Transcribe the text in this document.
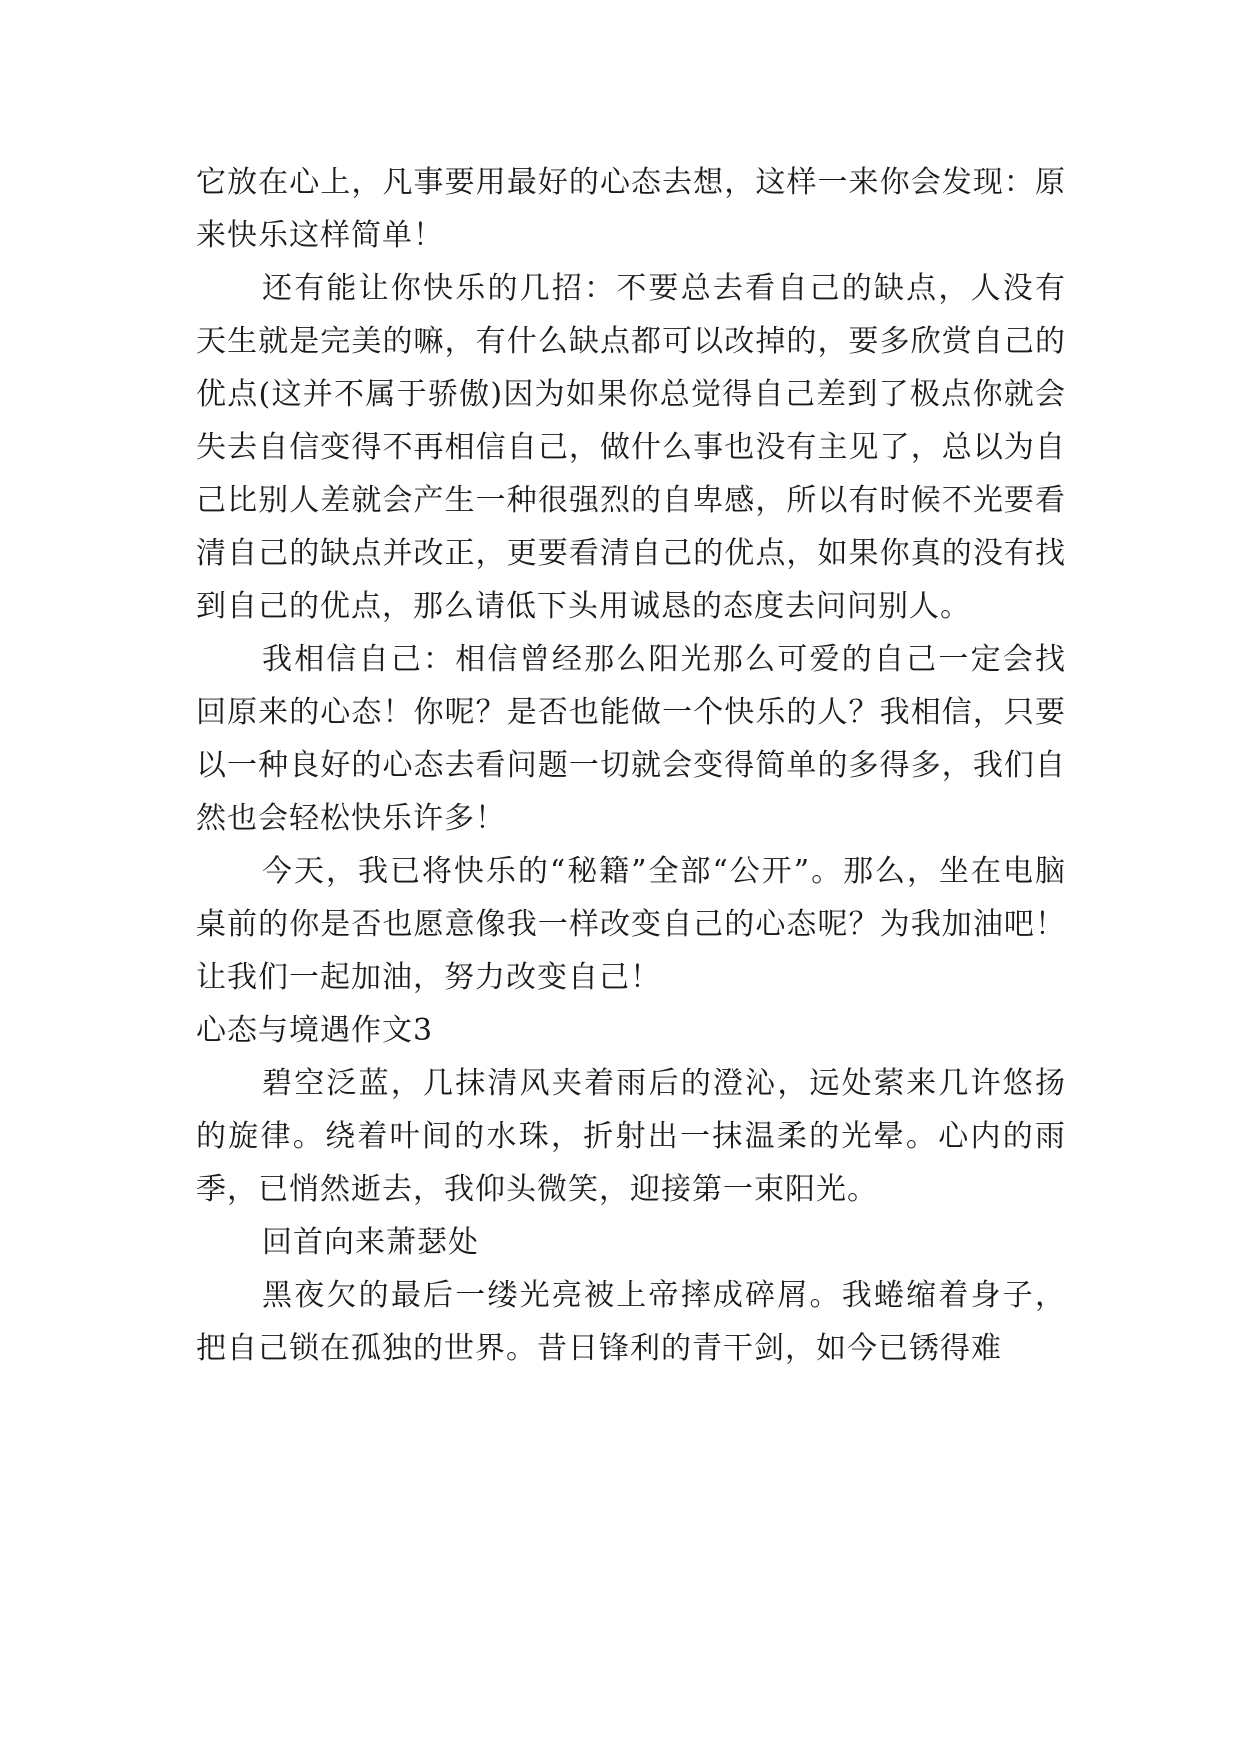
它放在心上，凡事要用最好的心态去想，这样一来你会发现：原来快乐这样简单！

还有能让你快乐的几招：不要总去看自己的缺点，人没有天生就是完美的嘛，有什么缺点都可以改掉的，要多欣赏自己的优点(这并不属于骄傲)因为如果你总觉得自己差到了极点你就会失去自信变得不再相信自己，做什么事也没有主见了，总以为自己比别人差就会产生一种很强烈的自卑感，所以有时候不光要看清自己的缺点并改正，更要看清自己的优点，如果你真的没有找到自己的优点，那么请低下头用诚恳的态度去问问别人。

我相信自己：相信曾经那么阳光那么可爱的自己一定会找回原来的心态！你呢？是否也能做一个快乐的人？我相信，只要以一种良好的心态去看问题一切就会变得简单的多得多，我们自然也会轻松快乐许多！

今天，我已将快乐的“秘籍”全部“公开”。那么，坐在电脑桌前的你是否也愿意像我一样改变自己的心态呢？为我加油吧！让我们一起加油，努力改变自己！

心态与境遇作文3

碧空泛蓝，几抹清风夹着雨后的澄沁，远处萦来几许悠扬的旋律。绕着叶间的水珠，折射出一抹温柔的光晕。心内的雨季，已悄然逝去，我仰头微笑，迎接第一束阳光。

回首向来萧瑟处

黑夜欠的最后一缕光亮被上帝摔成碎屑。我蜷缩着身子，把自己锁在孤独的世界。昔日锋利的青干剑，如今已锈得难
